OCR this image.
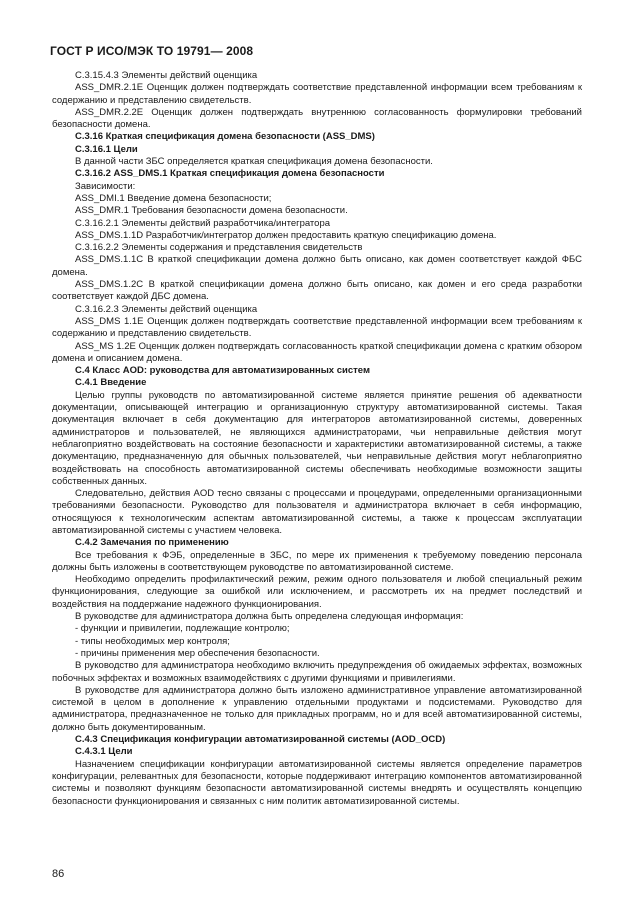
ГОСТ Р ИСО/МЭК ТО 19791— 2008

С.3.15.4.3 Элементы действий оценщика

ASS_DMR.2.1E Оценщик должен подтверждать соответствие представленной информации всем требованиям к содержанию и представлению свидетельств.

ASS_DMR.2.2E Оценщик должен подтверждать внутреннюю согласованность формулировки требований безопасности домена.

С.3.16 Краткая спецификация домена безопасности (ASS_DMS)

С.3.16.1 Цели

В данной части ЗБС определяется краткая спецификация домена безопасности.

С.3.16.2 ASS_DMS.1 Краткая спецификация домена безопасности

Зависимости:

ASS_DMI.1 Введение домена безопасности;

ASS_DMR.1 Требования безопасности домена безопасности.

С.3.16.2.1 Элементы действий разработчика/интегратора

ASS_DMS.1.1D Разработчик/интегратор должен предоставить краткую спецификацию домена.

С.3.16.2.2 Элементы содержания и представления свидетельств

ASS_DMS.1.1С В краткой спецификации домена должно быть описано, как домен соответствует каждой ФБС домена.

ASS_DMS.1.2C В краткой спецификации домена должно быть описано, как домен и его среда разработки соответствует каждой ДБС домена.

С.3.16.2.3 Элементы действий оценщика

ASS_DMS 1.1E Оценщик должен подтверждать соответствие представленной информации всем требованиям к содержанию и представлению свидетельств.

ASS_MS 1.2E Оценщик должен подтверждать согласованность краткой спецификации домена с кратким обзором домена и описанием домена.

С.4 Класс AOD: руководства для автоматизированных систем

С.4.1 Введение

Целью группы руководств по автоматизированной системе является принятие решения об адекватности документации, описывающей интеграцию и организационную структуру автоматизированной системы. Такая документация включает в себя документацию для интеграторов автоматизированной системы, доверенных администраторов и пользователей, не являющихся администраторами, чьи неправильные действия могут неблагоприятно воздействовать на состояние безопасности и характеристики автоматизированной системы, а также документацию, предназначенную для обычных пользователей, чьи неправильные действия могут неблагоприятно воздействовать на способность автоматизированной системы обеспечивать необходимые возможности защиты собственных данных.

Следовательно, действия AOD тесно связаны с процессами и процедурами, определенными организационными требованиями безопасности. Руководство для пользователя и администратора включает в себя информацию, относящуюся к технологическим аспектам автоматизированной системы, а также к процессам эксплуатации автоматизированной системы с участием человека.

С.4.2 Замечания по применению

Все требования к ФЭБ, определенные в ЗБС, по мере их применения к требуемому поведению персонала должны быть изложены в соответствующем руководстве по автоматизированной системе.

Необходимо определить профилактический режим, режим одного пользователя и любой специальный режим функционирования, следующие за ошибкой или исключением, и рассмотреть их на предмет последствий и воздействия на поддержание надежного функционирования.

В руководстве для администратора должна быть определена следующая информация:

- функции и привилегии, подлежащие контролю;

- типы необходимых мер контроля;

- причины применения мер обеспечения безопасности.

В руководство для администратора необходимо включить предупреждения об ожидаемых эффектах, возможных побочных эффектах и возможных взаимодействиях с другими функциями и привилегиями.

В руководстве для администратора должно быть изложено административное управление автоматизированной системой в целом в дополнение к управлению отдельными продуктами и подсистемами. Руководство для администратора, предназначенное не только для прикладных программ, но и для всей автоматизированной системы, должно быть документированным.

С.4.3 Спецификация конфигурации автоматизированной системы (AOD_OCD)

С.4.3.1 Цели

Назначением спецификации конфигурации автоматизированной системы является определение параметров конфигурации, релевантных для безопасности, которые поддерживают интеграцию компонентов автоматизированной системы и позволяют функциям безопасности автоматизированной системы внедрять и осуществлять концепцию безопасности функционирования и связанных с ним политик автоматизированной системы.

86
